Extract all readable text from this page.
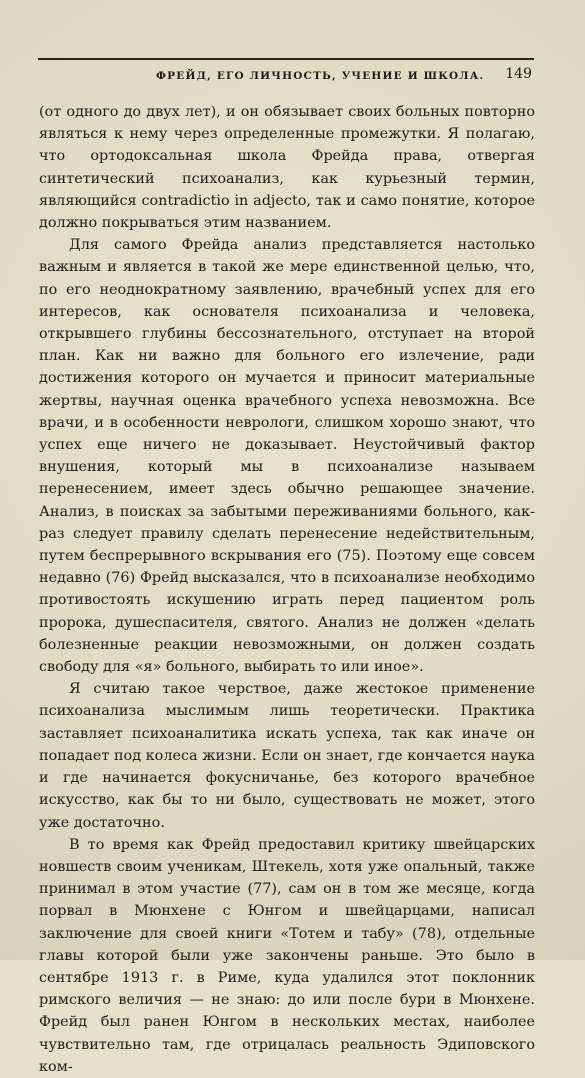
ФРЕЙД, ЕГО ЛИЧНОСТЬ, УЧЕНИЕ И ШКОЛА. 149

(от одного до двух лет), и он обязывает своих больных повторно являться к нему через определенные промежутки. Я полагаю, что ортодоксальная школа Фрейда права, отвергая синтетический психоанализ, как курьезный термин, являющийся contradictio in adjecto, так и само понятие, которое должно покрываться этим названием.

Для самого Фрейда анализ представляется настолько важным и является в такой же мере единственной целью, что, по его неоднократному заявлению, врачебный успех для его интересов, как основателя психоанализа и человека, открывшего глубины бессознательного, отступает на второй план. Как ни важно для больного его излечение, ради достижения которого он мучается и приносит материальные жертвы, научная оценка врачебного успеха невозможна. Все врачи, и в особенности неврологи, слишком хорошо знают, что успех еще ничего не доказывает. Неустойчивый фактор внушения, который мы в психоанализе называем перенесением, имеет здесь обычно решающее значение. Анализ, в поисках за забытыми переживаниями больного, как-раз следует правилу сделать перенесение недействительным, путем беспрерывного вскрывания его (75). Поэтому еще совсем недавно (76) Фрейд высказался, что в психоанализе необходимо противостоять искушению играть перед пациентом роль пророка, душеспасителя, святого. Анализ не должен «делать болезненные реакции невозможными, он должен создать свободу для «я» больного, выбирать то или иное».

Я считаю такое черствое, даже жестокое применение психоанализа мыслимым лишь теоретически. Практика заставляет психоаналитика искать успеха, так как иначе он попадает под колеса жизни. Если он знает, где кончается наука и где начинается фокусничанье, без которого врачебное искусство, как бы то ни было, существовать не может, этого уже достаточно.

В то время как Фрейд предоставил критику швейцарских новшеств своим ученикам, Штекель, хотя уже опальный, также принимал в этом участие (77), сам он в том же месяце, когда порвал в Мюнхене с Юнгом и швейцарцами, написал заключение для своей книги «Тотем и табу» (78), отдельные главы которой были уже закончены раньше. Это было в сентябре 1913 г. в Риме, куда удалился этот поклонник римского величия — не знаю: до или после бури в Мюнхене. Фрейд был ранен Юнгом в нескольких местах, наиболее чувствительно там, где отрицалась реальность Эдиповского ком-
